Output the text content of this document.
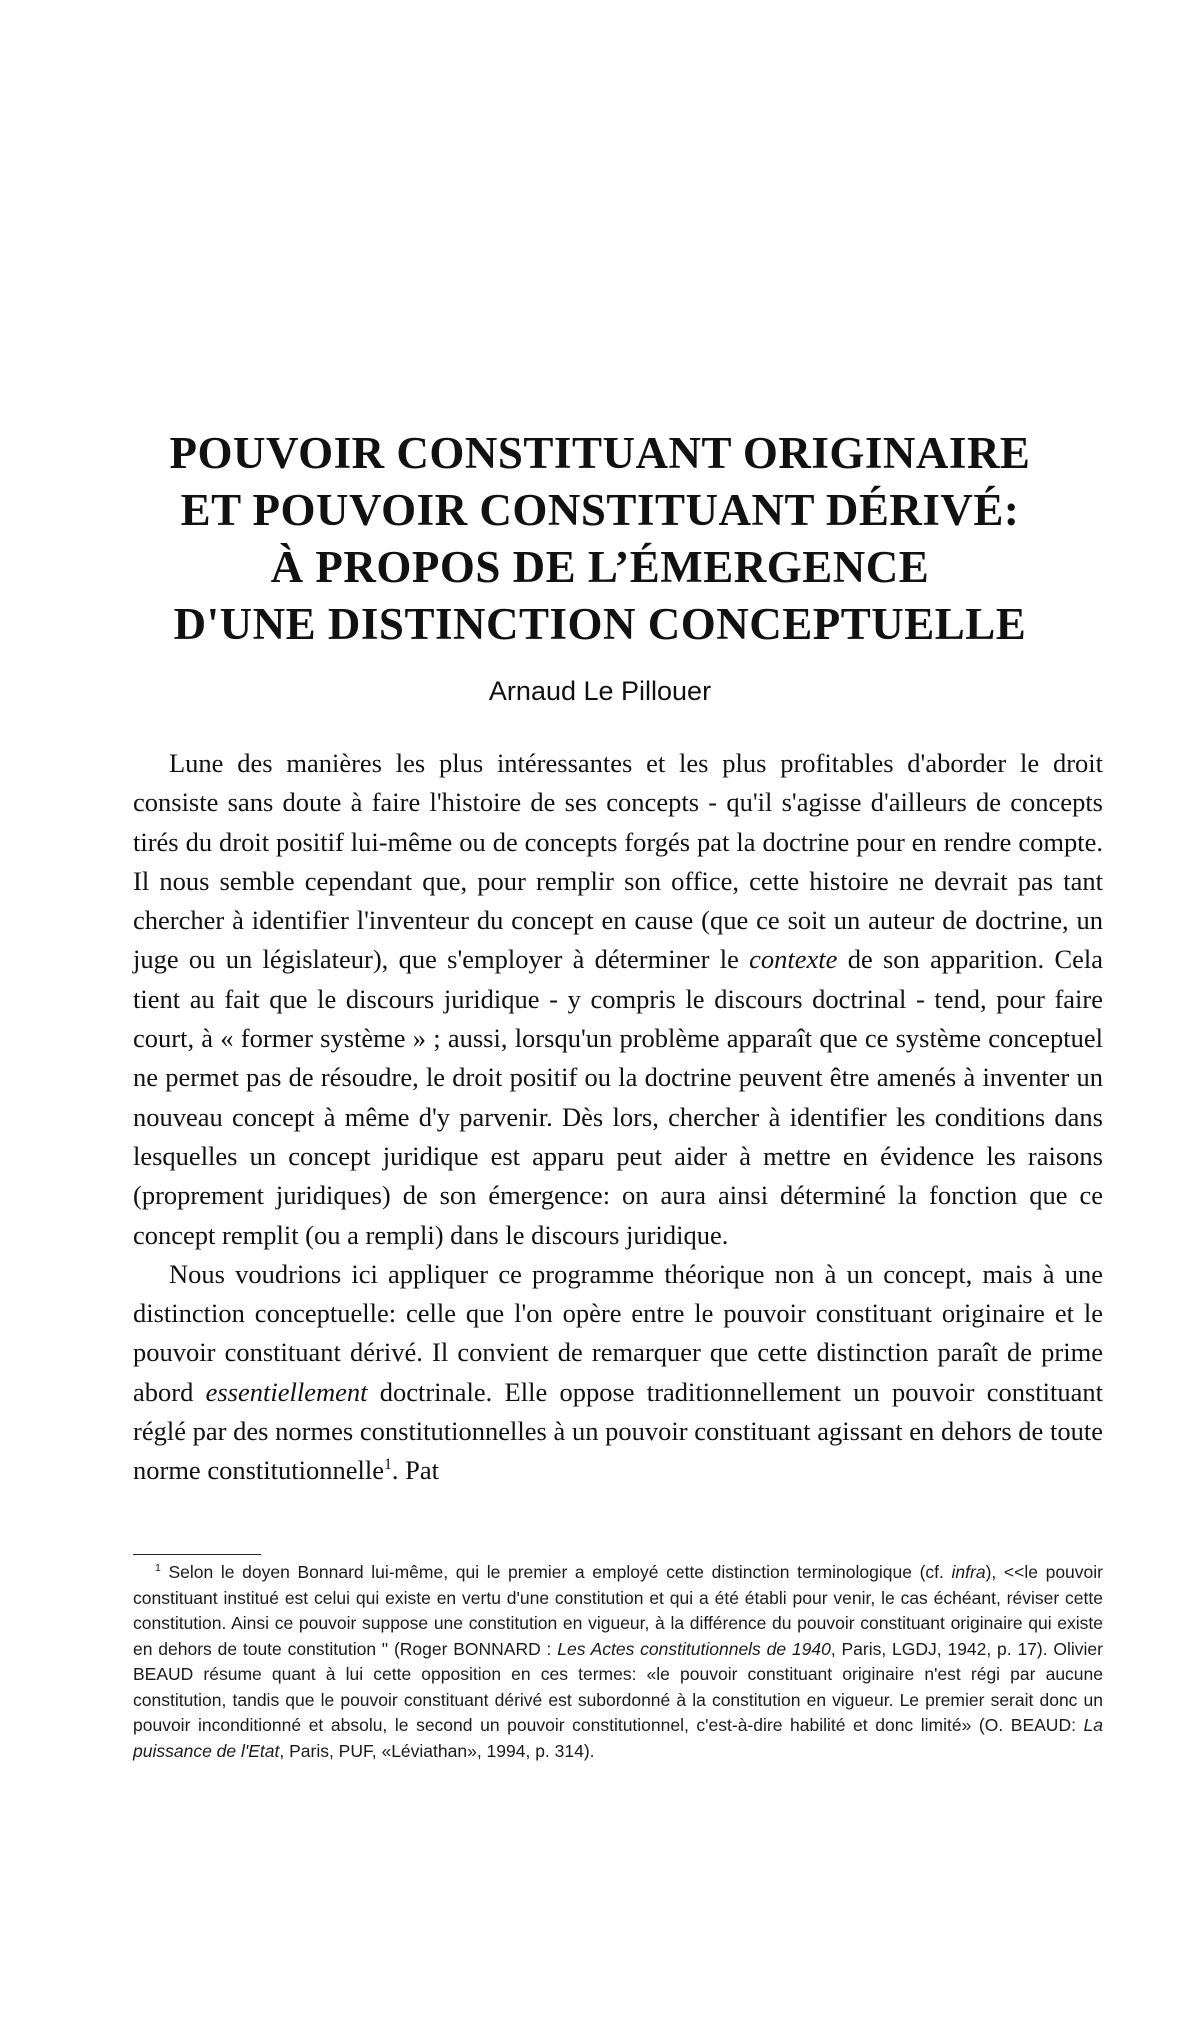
POUVOIR CONSTITUANT ORIGINAIRE
ET POUVOIR CONSTITUANT DÉRIVÉ:
À PROPOS DE L’ÉMERGENCE
D'UNE DISTINCTION CONCEPTUELLE
Arnaud Le Pillouer

Lune des manières les plus intéressantes et les plus profitables d'aborder le droit consiste sans doute à faire l'histoire de ses concepts - qu'il s'agisse d'ailleurs de concepts tirés du droit positif lui-même ou de concepts forgés pat la doctrine pour en rendre compte. Il nous semble cependant que, pour remplir son office, cette histoire ne devrait pas tant chercher à identifier l'inventeur du concept en cause (que ce soit un auteur de doctrine, un juge ou un législateur), que s'employer à déterminer le contexte de son apparition. Cela tient au fait que le discours juridique - y compris le discours doctrinal - tend, pour faire court, à « former système » ; aussi, lorsqu'un problème apparaît que ce système conceptuel ne permet pas de résoudre, le droit positif ou la doctrine peuvent être amenés à inventer un nouveau concept à même d'y parvenir. Dès lors, chercher à identifier les conditions dans lesquelles un concept juridique est apparu peut aider à mettre en évidence les raisons (proprement juridiques) de son émergence: on aura ainsi déterminé la fonction que ce concept remplit (ou a rempli) dans le discours juridique.

Nous voudrions ici appliquer ce programme théorique non à un concept, mais à une distinction conceptuelle: celle que l'on opère entre le pouvoir constituant originaire et le pouvoir constituant dérivé. Il convient de remarquer que cette distinction paraît de prime abord essentiellement doctrinale. Elle oppose traditionnellement un pouvoir constituant réglé par des normes constitutionnelles à un pouvoir constituant agissant en dehors de toute norme constitutionnelle$^1$. Pat

$^1$ Selon le doyen Bonnard lui-même, qui le premier a employé cette distinction terminologique (cf. infra), <<le pouvoir constituant institué est celui qui existe en vertu d'une constitution et qui a été établi pour venir, le cas échéant, réviser cette constitution. Ainsi ce pouvoir suppose une constitution en vigueur, à la différence du pouvoir constituant originaire qui existe en dehors de toute constitution " (Roger BONNARD : Les Actes constitutionnels de 1940, Paris, LGDJ, 1942, p. 17). Olivier BEAUD résume quant à lui cette opposition en ces termes: «le pouvoir constituant originaire n'est régi par aucune constitution, tandis que le pouvoir constituant dérivé est subordonné à la constitution en vigueur. Le premier serait donc un pouvoir inconditionné et absolu, le second un pouvoir constitutionnel, c'est-à-dire habilité et donc limité» (O. BEAUD: La puissance de l'Etat, Paris, PUF, «Léviathan», 1994, p. 314).
